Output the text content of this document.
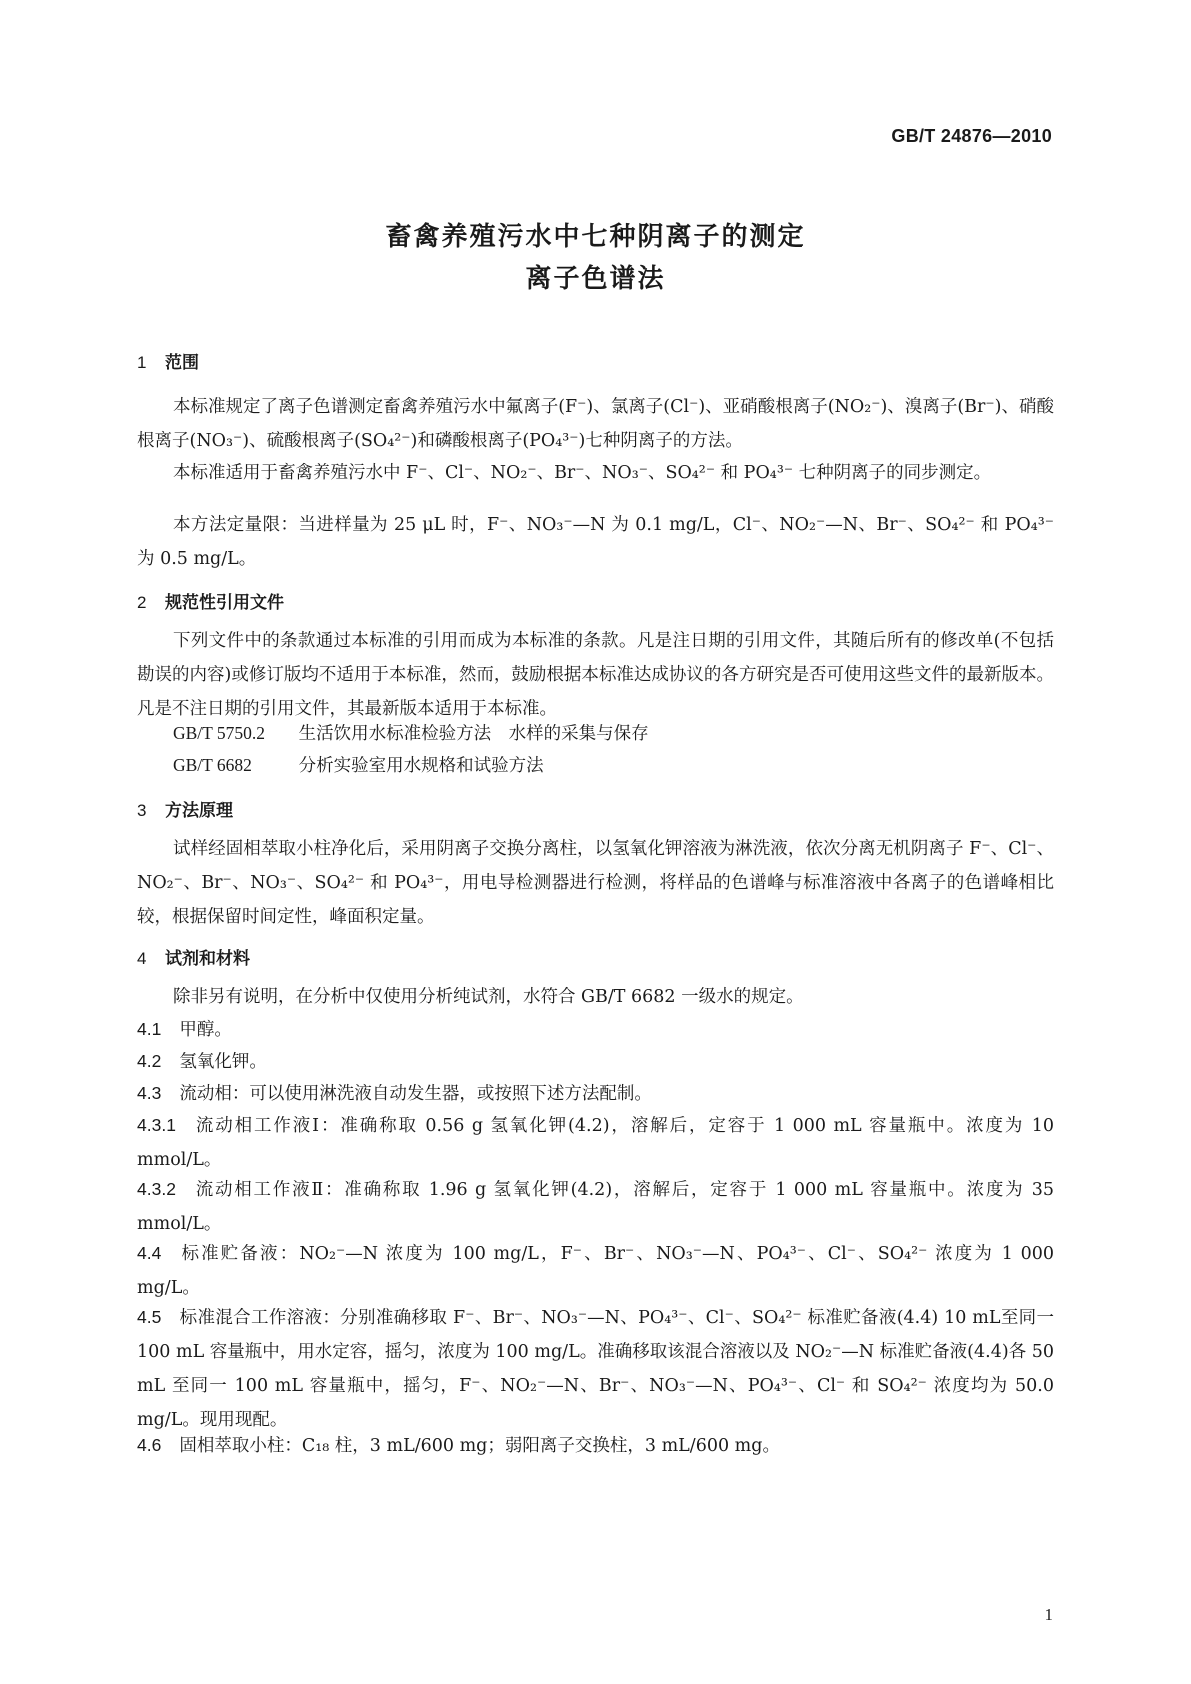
GB/T 24876—2010
畜禽养殖污水中七种阴离子的测定
离子色谱法
1 范围
本标准规定了离子色谱测定畜禽养殖污水中氟离子(F⁻)、氯离子(Cl⁻)、亚硝酸根离子(NO₂⁻)、溴离子(Br⁻)、硝酸根离子(NO₃⁻)、硫酸根离子(SO₄²⁻)和磷酸根离子(PO₄³⁻)七种阴离子的方法。
本标准适用于畜禽养殖污水中 F⁻、Cl⁻、NO₂⁻、Br⁻、NO₃⁻、SO₄²⁻ 和 PO₄³⁻ 七种阴离子的同步测定。
本方法定量限：当进样量为 25 μL 时，F⁻、NO₃⁻—N 为 0.1 mg/L，Cl⁻、NO₂⁻—N、Br⁻、SO₄²⁻ 和 PO₄³⁻ 为 0.5 mg/L。
2 规范性引用文件
下列文件中的条款通过本标准的引用而成为本标准的条款。凡是注日期的引用文件，其随后所有的修改单(不包括勘误的内容)或修订版均不适用于本标准，然而，鼓励根据本标准达成协议的各方研究是否可使用这些文件的最新版本。凡是不注日期的引用文件，其最新版本适用于本标准。
GB/T 5750.2 生活饮用水标准检验方法　水样的采集与保存
GB/T 6682	分析实验室用水规格和试验方法
3 方法原理
试样经固相萃取小柱净化后，采用阴离子交换分离柱，以氢氧化钾溶液为淋洗液，依次分离无机阴离子 F⁻、Cl⁻、NO₂⁻、Br⁻、NO₃⁻、SO₄²⁻ 和 PO₄³⁻，用电导检测器进行检测，将样品的色谱峰与标准溶液中各离子的色谱峰相比较，根据保留时间定性，峰面积定量。
4 试剂和材料
除非另有说明，在分析中仅使用分析纯试剂，水符合 GB/T 6682 一级水的规定。
4.1 甲醇。
4.2 氢氧化钾。
4.3 流动相：可以使用淋洗液自动发生器，或按照下述方法配制。
4.3.1 流动相工作液Ⅰ：准确称取 0.56 g 氢氧化钾(4.2)，溶解后，定容于 1 000 mL 容量瓶中。浓度为 10 mmol/L。
4.3.2 流动相工作液Ⅱ：准确称取 1.96 g 氢氧化钾(4.2)，溶解后，定容于 1 000 mL 容量瓶中。浓度为 35 mmol/L。
4.4 标准贮备液：NO₂⁻—N 浓度为 100 mg/L，F⁻、Br⁻、NO₃⁻—N、PO₄³⁻、Cl⁻、SO₄²⁻ 浓度为 1 000 mg/L。
4.5 标准混合工作溶液：分别准确移取 F⁻、Br⁻、NO₃⁻—N、PO₄³⁻、Cl⁻、SO₄²⁻ 标准贮备液(4.4) 10 mL至同一 100 mL 容量瓶中，用水定容，摇匀，浓度为 100 mg/L。准确移取该混合溶液以及 NO₂⁻—N 标准贮备液(4.4)各 50 mL 至同一 100 mL 容量瓶中，摇匀，F⁻、NO₂⁻—N、Br⁻、NO₃⁻—N、PO₄³⁻、Cl⁻ 和 SO₄²⁻ 浓度均为 50.0 mg/L。现用现配。
4.6 固相萃取小柱：C₁₈ 柱，3 mL/600 mg；弱阳离子交换柱，3 mL/600 mg。
1
